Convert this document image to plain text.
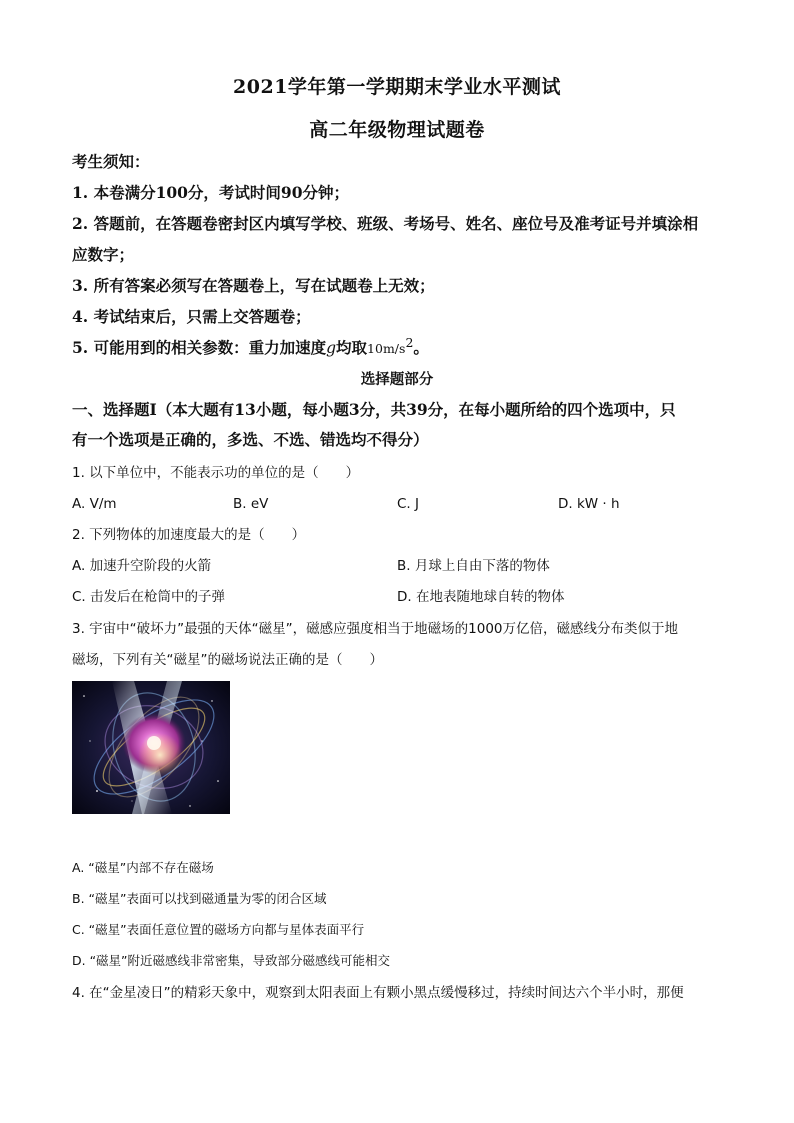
2021学年第一学期期末学业水平测试
高二年级物理试题卷
考生须知：
1. 本卷满分100分，考试时间90分钟；
2. 答题前，在答题卷密封区内填写学校、班级、考场号、姓名、座位号及准考证号并填涂相
应数字；
3. 所有答案必须写在答题卷上，写在试题卷上无效；
4. 考试结束后，只需上交答题卷；
5. 可能用到的相关参数：重力加速度g均取$10m/s^2$。
选择题部分
一、选择题Ⅰ（本大题有13小题，每小题3分，共39分，在每小题所给的四个选项中，只
有一个选项是正确的，多选、不选、错选均不得分）
1. 以下单位中，不能表示功的单位的是（　　）
A. V/m	B. eV	C. J	D. kW · h
2. 下列物体的加速度最大的是（　　）
A. 加速升空阶段的火箭	B. 月球上自由下落的物体
C. 击发后在枪筒中的子弹	D. 在地表随地球自转的物体
3. 宇宙中“破坏力”最强的天体“磁星”，磁感应强度相当于地磁场的1000万亿倍，磁感线分布类似于地
磁场，下列有关“磁星”的磁场说法正确的是（　　）
A. “磁星”内部不存在磁场
B. “磁星”表面可以找到磁通量为零的闭合区域
C. “磁星”表面任意位置的磁场方向都与星体表面平行
D. “磁星”附近磁感线非常密集，导致部分磁感线可能相交
4. 在“金星凌日”的精彩天象中，观察到太阳表面上有颗小黑点缓慢移过，持续时间达六个半小时，那便
